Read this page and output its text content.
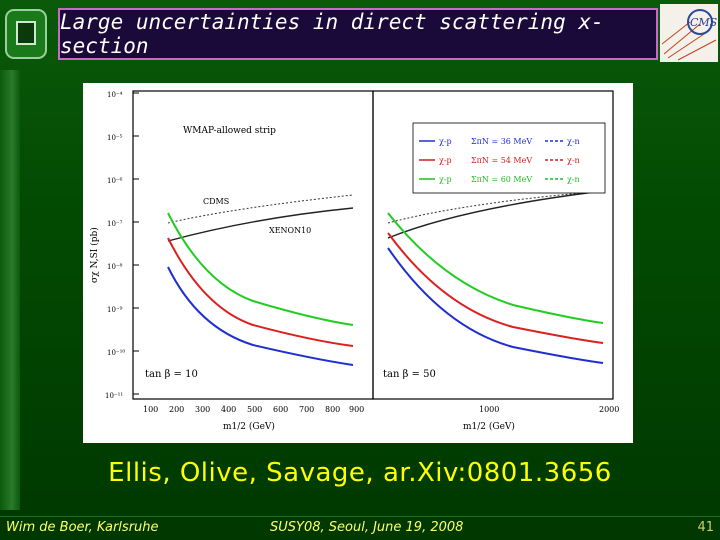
Large uncertainties in direct scattering x-section
CMS
σχ N,SI (pb)
10⁻⁴
10⁻⁵
10⁻⁶
10⁻⁷
10⁻⁸
10⁻⁹
10⁻¹⁰
10⁻¹¹
WMAP-allowed strip
CDMS
XENON10
tan β = 10	tan β = 50
χ-p ΣπN = 36 MeV	χ-n
χ-p ΣπN = 54 MeV	χ-n
χ-p ΣπN = 60 MeV	χ-n
100 200 300 400 500 600 700 800 900	1000	2000
m1/2 (GeV)	m1/2 (GeV)
Ellis, Olive, Savage, ar.Xiv:0801.3656
Wim de Boer, Karlsruhe	SUSY08, Seoul, June 19, 2008	41
